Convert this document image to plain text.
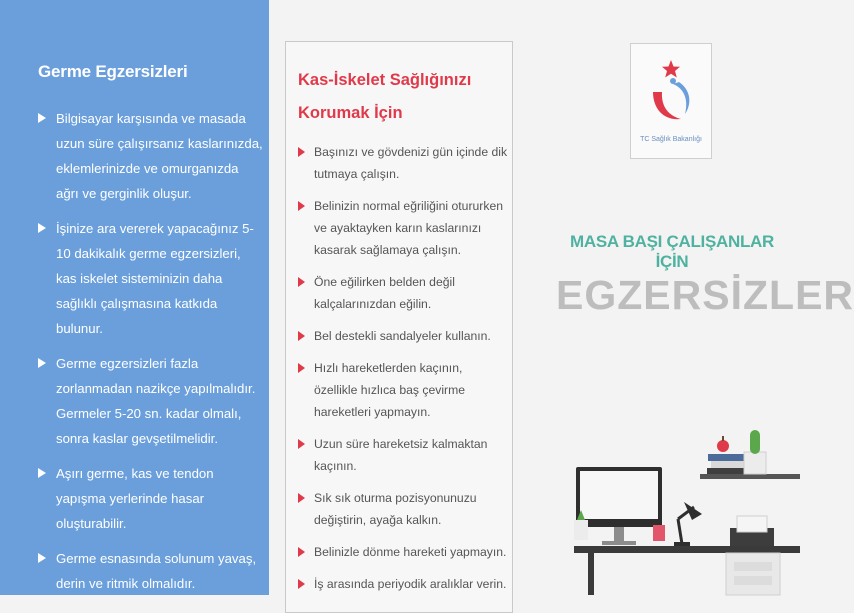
Germe Egzersizleri
Bilgisayar karşısında ve masada uzun süre çalışırsanız kaslarınızda, eklemlerinizde ve omurganızda ağrı ve gerginlik oluşur.
İşinize ara vererek yapacağınız 5-10 dakikalık germe egzersizleri, kas iskelet sisteminizin daha sağlıklı çalışmasına katkıda bulunur.
Germe egzersizleri fazla zorlanmadan nazikçe yapılmalıdır. Germeler 5-20 sn. kadar olmalı, sonra kaslar gevşetilmelidir.
Aşırı germe, kas ve tendon yapışma yerlerinde hasar oluşturabilir.
Germe esnasında solunum yavaş, derin ve ritmik olmalıdır.
Kas-İskelet Sağlığınızı Korumak İçin
Başınızı ve gövdenizi gün içinde dik tutmaya çalışın.
Belinizin normal eğriliğini otururken ve ayaktayken karın kaslarınızı kasarak sağlamaya çalışın.
Öne eğilirken belden değil kalçalarınızdan eğilin.
Bel destekli sandalyeler kullanın.
Hızlı hareketlerden kaçının, özellikle hızlıca baş çevirme hareketleri yapmayın.
Uzun süre hareketsiz kalmaktan kaçının.
Sık sık oturma pozisyonunuzu değiştirin, ayağa kalkın.
Belinizle dönme hareketi yapmayın.
İş arasında periyodik aralıklar verin.
TC Sağlık Bakanlığı
MASA BAŞI ÇALIŞANLAR İÇİN
EGZERSİZLER
